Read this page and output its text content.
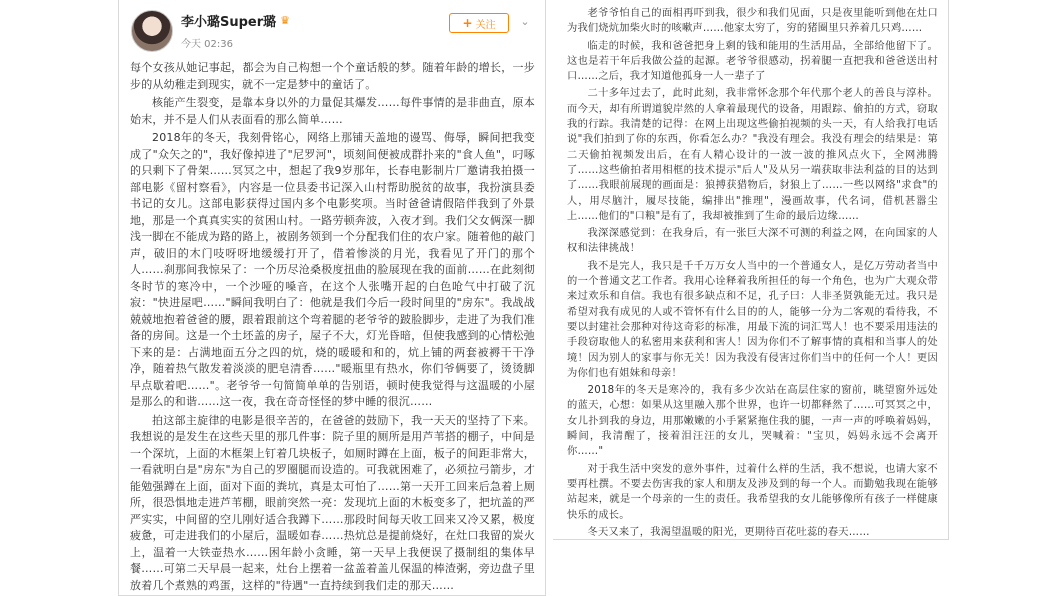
李小璐Super璐 ♛
今天 02:36
+ 关注	⌄

每个女孩从她记事起，都会为自己构想一个个童话般的梦。随着年龄的增长，一步步的从幼稚走到现实，就不一定是梦中的童话了。

核能产生裂变，是靠本身以外的力量促其爆发……每件事情的是非曲直，原本始末，并不是人们从表面看的那么简单……

2018年的冬天，我刻骨铭心，网络上那铺天盖地的谩骂、侮辱，瞬间把我变成了"众矢之的"，我好像掉进了"尼罗河"，顷刻间便被成群扑来的"食人鱼"，叼啄的只剩下了骨架……冥冥之中，想起了我9岁那年，长春电影制片厂邀请我拍摄一部电影《留村察看》，内容是一位县委书记深入山村帮助脱贫的故事，我扮演县委书记的女儿。这部电影获得过国内多个电影奖项。当时爸爸请假陪伴我到了外景地，那是一个真真实实的贫困山村。一路劳顿奔波，入夜才到。我们父女俩深一脚浅一脚在不能成为路的路上，被剧务领到一个分配我们住的农户家。随着他的敲门声，破旧的木门吱呀呀地缓缓打开了，借着惨淡的月光，我看见了开门的那个人……刹那间我惊呆了：一个历尽沧桑极度扭曲的脸展现在我的面前……在此刻彻冬时节的寒冷中，一个沙哑的嗓音，在这个人张嘴开起的白色呛气中打破了沉寂："快进屋吧……"瞬间我明白了：他就是我们今后一段时间里的"房东"。我战战兢兢地抱着爸爸的腰，跟着跟前这个弯着腿的老爷爷的跛脸脚步，走进了为我们准备的房间。这是一个土坯盖的房子，屋子不大，灯光昏暗，但使我感到的心情松弛下来的是：占满地面五分之四的炕，烧的暖暖和和的，炕上铺的两套被褥干干净净，随着热气散发着淡淡的肥皂清香……"暖瓶里有热水，你们爷俩要了，烫烫脚早点歇着吧……"。老爷爷一句简简单单的告别语，顿时使我觉得与这温暖的小屋是那么的和谐……这一夜，我在奇奇怪怪的梦中睡的很沉……

拍这部主旋律的电影是很辛苦的，在爸爸的鼓励下，我一天天的坚持了下来。我想说的是发生在这些天里的那几件事：院子里的厕所是用芦苇搭的棚子，中间是一个深坑，上面的木框架上钉着几块板子，如厕时蹲在上面，板子的间距非常大，一看就明白是"房东"为自己的罗圈腿而设造的。可我就困难了，必须拉弓箭步，才能勉强蹲在上面，面对下面的粪坑，真是太可怕了……第一天开工回来后急着上厕所，很恐惧地走进芦苇棚，眼前突然一亮：发现坑上面的木板变多了，把坑盖的严严实实，中间留的空儿刚好适合我蹲下……那段时间每天收工回来又冷又累，极度疲惫，可走进我们的小屋后，温暖如春……热炕总是提前烧好，在灶口我留的炭火上，温着一大铁壶热水……困年龄小贪睡，第一天早上我便误了摄制组的集体早餐……可第二天早晨一起来，灶台上摆着一盆盖着盖儿保温的棒渣粥，旁边盘子里放着几个煮熟的鸡蛋，这样的"待遇"一直持续到我们走的那天……

老爷爷怕自己的面相再吓到我，很少和我们见面，只是夜里能听到他在灶口为我们烧炕加柴火时的咳嗽声……他家太穷了，穷的猪圈里只养着几只鸡……

临走的时候，我和爸爸把身上剩的钱和能用的生活用品，全部给他留下了。这也是若干年后我做公益的起源。老爷爷很感动，拐着腿一直把我和爸爸送出村口……之后，我才知道他孤身一人一辈子了

二十多年过去了，此时此刻，我非常怀念那个年代那个老人的善良与淳朴。而今天，却有所谓道貌岸然的人拿着最现代的设备，用跟踪、偷拍的方式，窃取我的行踪。我清楚的记得：在网上出现这些偷拍视频的头一天，有人给我打电话说"我们拍到了你的东西，你看怎么办？"我没有理会。我没有理会的结果是：第二天偷拍视频发出后，在有人精心设计的一波一波的推风点火下，全网沸腾了……这些偷拍者用相框的技术提示"后人"及从另一端获取非法利益的目的达到了……我眼前展现的画面是：狼搏获猎物后，豺狼上了……一些以网络"求食"的人，用尽脑汁，履尽技能，编排出"推理"，漫画故事，代名词，借机甚嚣尘上……他们的"口粮"是有了，我却被推到了生命的最后边缘……

我深深感觉到：在我身后，有一张巨大深不可测的利益之网，在向国家的人权和法律挑战！

我不是完人，我只是千千万万女人当中的一个普通女人，是亿万劳动者当中的一个普通文艺工作者。我用心诠释着我所担任的每一个角色，也为广大观众带来过欢乐和自信。我也有很多缺点和不足，孔子曰：人非圣贤孰能无过。我只是希望对我有成见的人或不管怀有什么目的的人，能够一分为二客观的看待我，不要以封建社会那种对待这奇彩的标准，用最下流的词汇骂人！也不要采用违法的手段窃取他人的私密用来获利和害人！因为你们不了解事情的真相和当事人的处境！因为别人的家事与你无关！因为我没有侵害过你们当中的任何一个人！更因为你们也有姐妹和母亲！

2018年的冬天是寒冷的，我有多少次站在高层住家的窗前，眺望窗外远处的蓝天，心想：如果从这里融入那个世界，也许一切都释然了……可冥冥之中，女儿扑到我的身边，用那嫩嫩的小手紧紧拖住我的腿，一声一声的呼唤着妈妈，瞬间，我清醒了，接着泪汪汪的女儿，哭喊着："宝贝，妈妈永远不会离开你……"

对于我生活中突发的意外事件，过着什么样的生活，我不想说，也请大家不要再杜撰。不要去伤害我的家人和朋友及涉及到的每一个人。而勤勉我现在能够站起来，就是一个母亲的一生的责任。我希望我的女儿能够像所有孩子一样健康快乐的成长。

冬天又来了，我渴望温暖的阳光，更期待百花吐蕊的春天……
